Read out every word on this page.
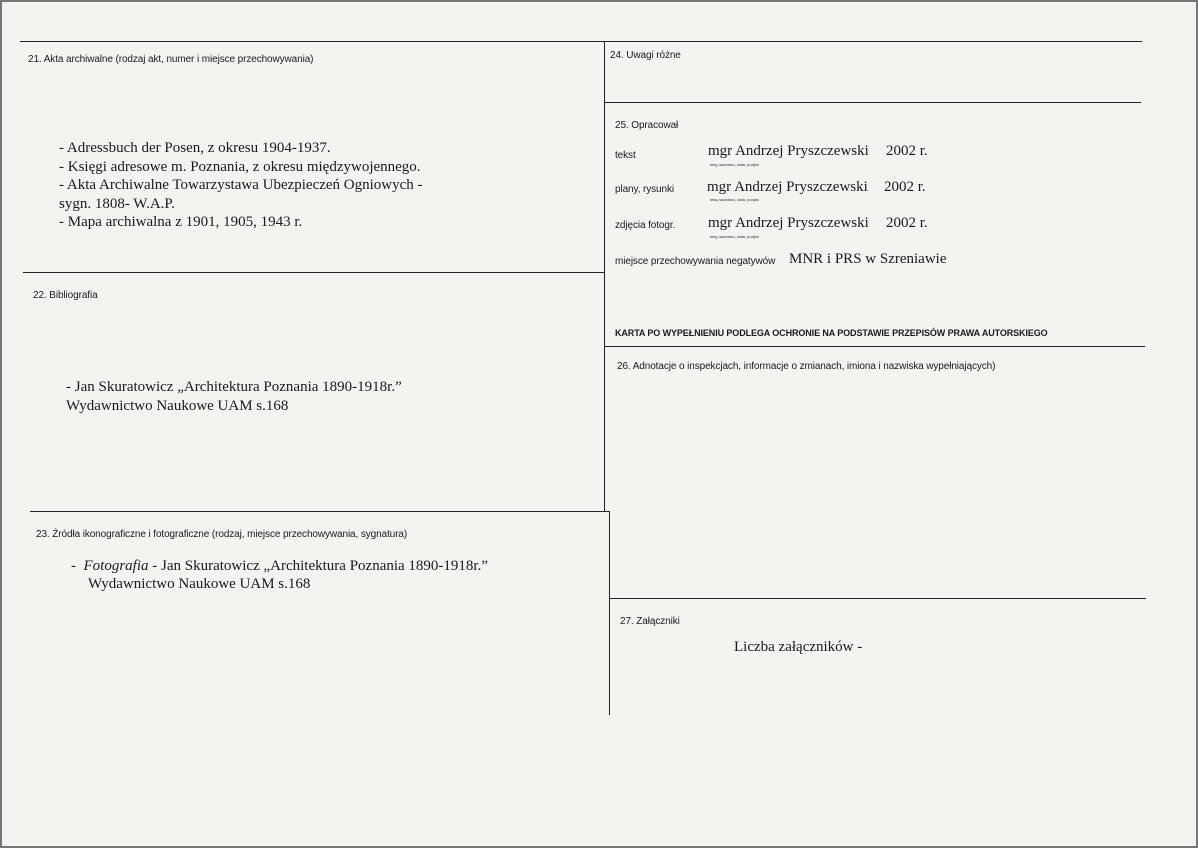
21. Akta archiwalne (rodzaj akt, numer i miejsce przechowywania)
- Adressbuch der Posen, z okresu 1904-1937.
- Księgi adresowe m. Poznania, z okresu międzywojennego.
- Akta Archiwalne Towarzystawa Ubezpieczeń Ogniowych -
sygn. 1808- W.A.P.
- Mapa archiwalna z 1901, 1905, 1943 r.
22. Bibliografia
- Jan Skuratowicz „Architektura Poznania 1890-1918r.”
Wydawnictwo Naukowe UAM s.168
23. Źródła ikonograficzne i fotograficzne (rodzaj, miejsce przechowywania, sygnatura)
-  Fotografia - Jan Skuratowicz „Architektura Poznania 1890-1918r.”
Wydawnictwo Naukowe UAM s.168
24. Uwagi różne
25. Opracował
tekst	mgr Andrzej Pryszczewski 2002 r.
imię,nazwisko, data, podpis
plany, rysunki mgr Andrzej Pryszczewski 2002 r.
imię,nazwisko, data, podpis
zdjęcia fotogr. mgr Andrzej Pryszczewski 2002 r.
imię,nazwisko, data, podpis
miejsce przechowywania negatywów MNR i PRS w Szreniawie
KARTA PO WYPEŁNIENIU PODLEGA OCHRONIE NA PODSTAWIE PRZEPISÓW PRAWA AUTORSKIEGO
26. Adnotacje o inspekcjach, informacje o zmianach, imiona i nazwiska wypełniających)
27. Załączniki
Liczba załączników -
